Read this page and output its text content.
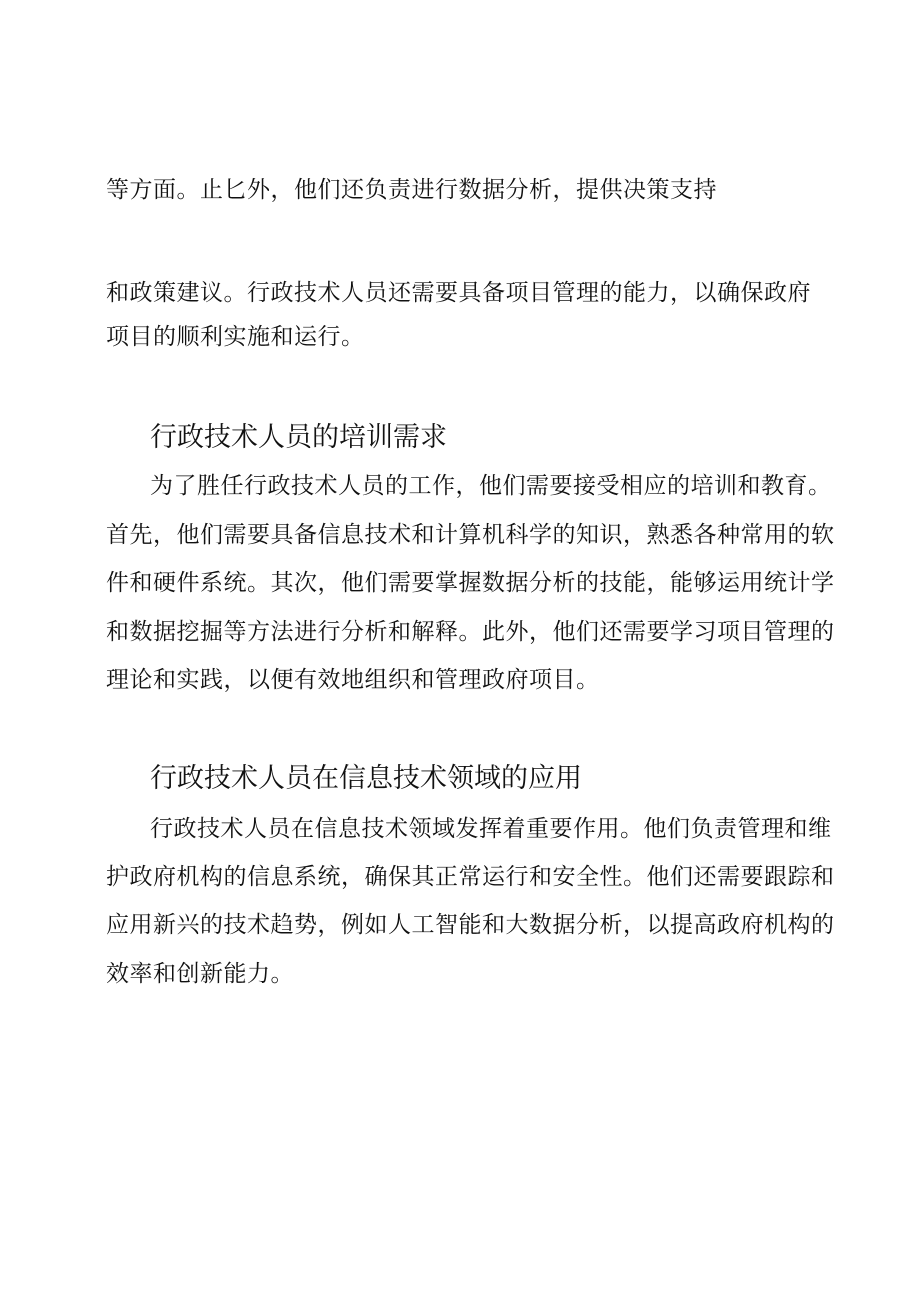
等方面。止匕外，他们还负责进行数据分析，提供决策支持
和政策建议。行政技术人员还需要具备项目管理的能力，以确保政府
项目的顺利实施和运行。
行政技术人员的培训需求
为了胜任行政技术人员的工作，他们需要接受相应的培训和教育。
首先，他们需要具备信息技术和计算机科学的知识，熟悉各种常用的软
件和硬件系统。其次，他们需要掌握数据分析的技能，能够运用统计学
和数据挖掘等方法进行分析和解释。此外，他们还需要学习项目管理的
理论和实践，以便有效地组织和管理政府项目。
行政技术人员在信息技术领域的应用
行政技术人员在信息技术领域发挥着重要作用。他们负责管理和维
护政府机构的信息系统，确保其正常运行和安全性。他们还需要跟踪和
应用新兴的技术趋势，例如人工智能和大数据分析，以提高政府机构的
效率和创新能力。
